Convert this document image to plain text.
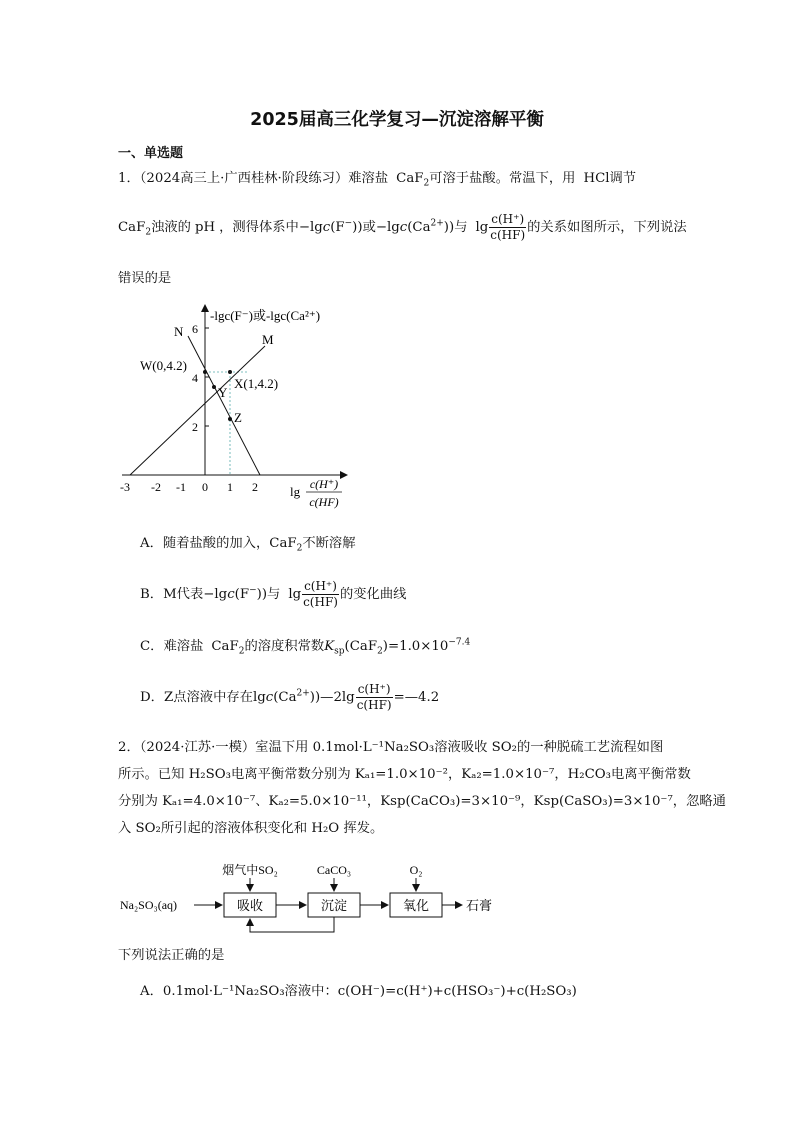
2025届高三化学复习—沉淀溶解平衡
一、单选题
1．（2024高三上·广西桂林·阶段练习）难溶盐 CaF$_2$可溶于盐酸。常温下，用 HCl调节
CaF$_2$浊液的 pH ，测得体系中−lgc(F−))或$-\lg c(Ca^{2+})$)与 $\lg \frac{c(H^+)}{c(HF)}$ 的关系如图所示，下列说法
错误的是
-3 -2 -1 0 1 2
2
4
6
-lgc(F⁻)或-lgc(Ca²⁺)
lg c(H⁺)
c(HF)
M
N
W(0,4.2)
X(1,4.2)
Y
Z
A．随着盐酸的加入，CaF$_2$不断溶解
B．M代表−lgc(F−))与 $\lg \frac{c(H^+)}{c(HF)}$ 的变化曲线
C．难溶盐 CaF$_2$的溶度积常数$K_{sp}(CaF_2)=1.0\times 10^{-7.4}$
D．Z点溶液中存在$\lg c(Ca^{2+}))—2\lg \frac{c(H^+)}{c(HF)}$ =—4.2
2．（2024·江苏·一模）室温下用 0.1mol·L⁻¹Na₂SO₃溶液吸收 SO₂的一种脱硫工艺流程如图
所示。已知 H₂SO₃电离平衡常数分别为 Kₐ₁=1.0×10⁻²，Kₐ₂=1.0×10⁻⁷，H₂CO₃电离平衡常数
分别为 Kₐ₁=4.0×10⁻⁷、Kₐ₂=5.0×10⁻¹¹，Ksp(CaCO₃)=3×10⁻⁹，Ksp(CaSO₃)=3×10⁻⁷，忽略通
入 SO₂所引起的溶液体积变化和 H₂O 挥发。
Na₂SO₃(aq)	吸收
烟气中SO₂
沉淀
CaCO₃
氧化
O₂
石膏
下列说法正确的是
A．0.1mol·L⁻¹Na₂SO₃溶液中：c(OH⁻)=c(H⁺)+c(HSO₃⁻)+c(H₂SO₃)
